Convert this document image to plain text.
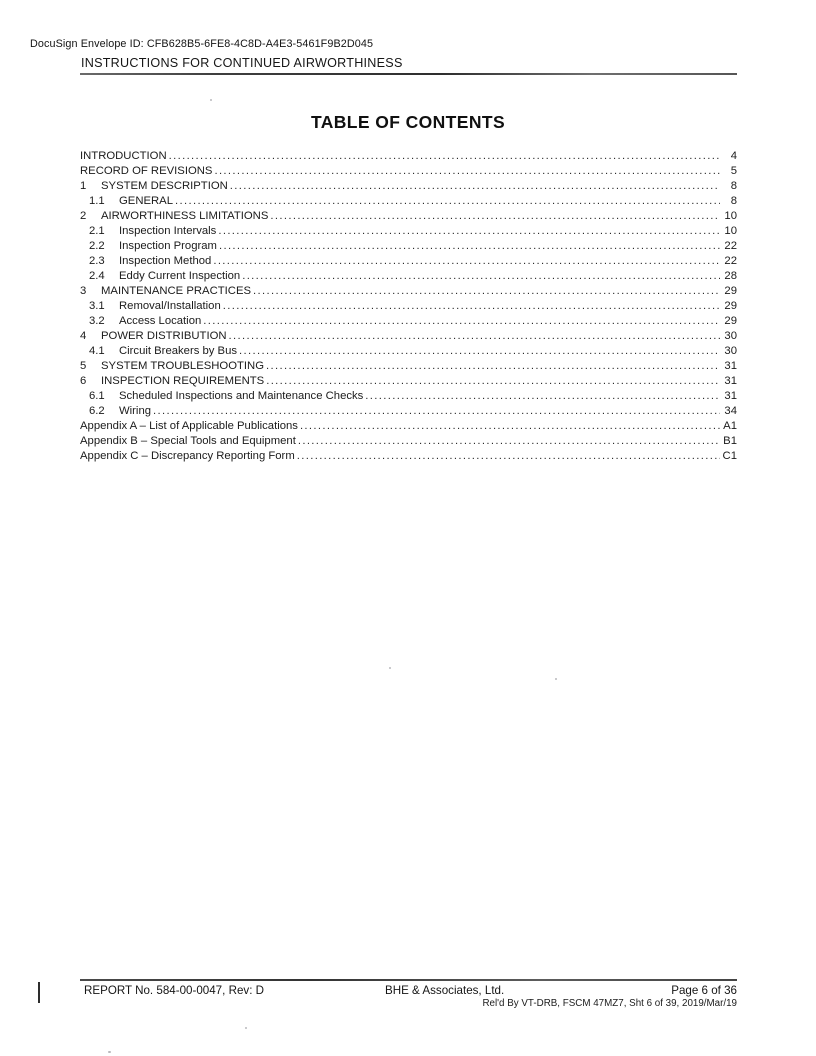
DocuSign Envelope ID: CFB628B5-6FE8-4C8D-A4E3-5461F9B2D045
INSTRUCTIONS FOR CONTINUED AIRWORTHINESS
TABLE OF CONTENTS
INTRODUCTION .....	4
RECORD OF REVISIONS .....	5
1	SYSTEM DESCRIPTION .....	8
1.1	GENERAL .....	8
2	AIRWORTHINESS LIMITATIONS .....	10
2.1	Inspection Intervals .....	10
2.2	Inspection Program .....	22
2.3	Inspection Method .....	22
2.4	Eddy Current Inspection .....	28
3	MAINTENANCE PRACTICES .....	29
3.1	Removal/Installation .....	29
3.2	Access Location .....	29
4	POWER DISTRIBUTION .....	30
4.1	Circuit Breakers by Bus .....	30
5	SYSTEM TROUBLESHOOTING .....	31
6	INSPECTION REQUIREMENTS .....	31
6.1	Scheduled Inspections and Maintenance Checks .....	31
6.2	Wiring .....	34
Appendix A – List of Applicable Publications .....	A1
Appendix B – Special Tools and Equipment .....	B1
Appendix C – Discrepancy Reporting Form .....	C1
REPORT No. 584-00-0047, Rev: D	BHE & Associates, Ltd.	Page 6 of 36
Rel'd By VT-DRB, FSCM 47MZ7, Sht 6 of 39, 2019/Mar/19
